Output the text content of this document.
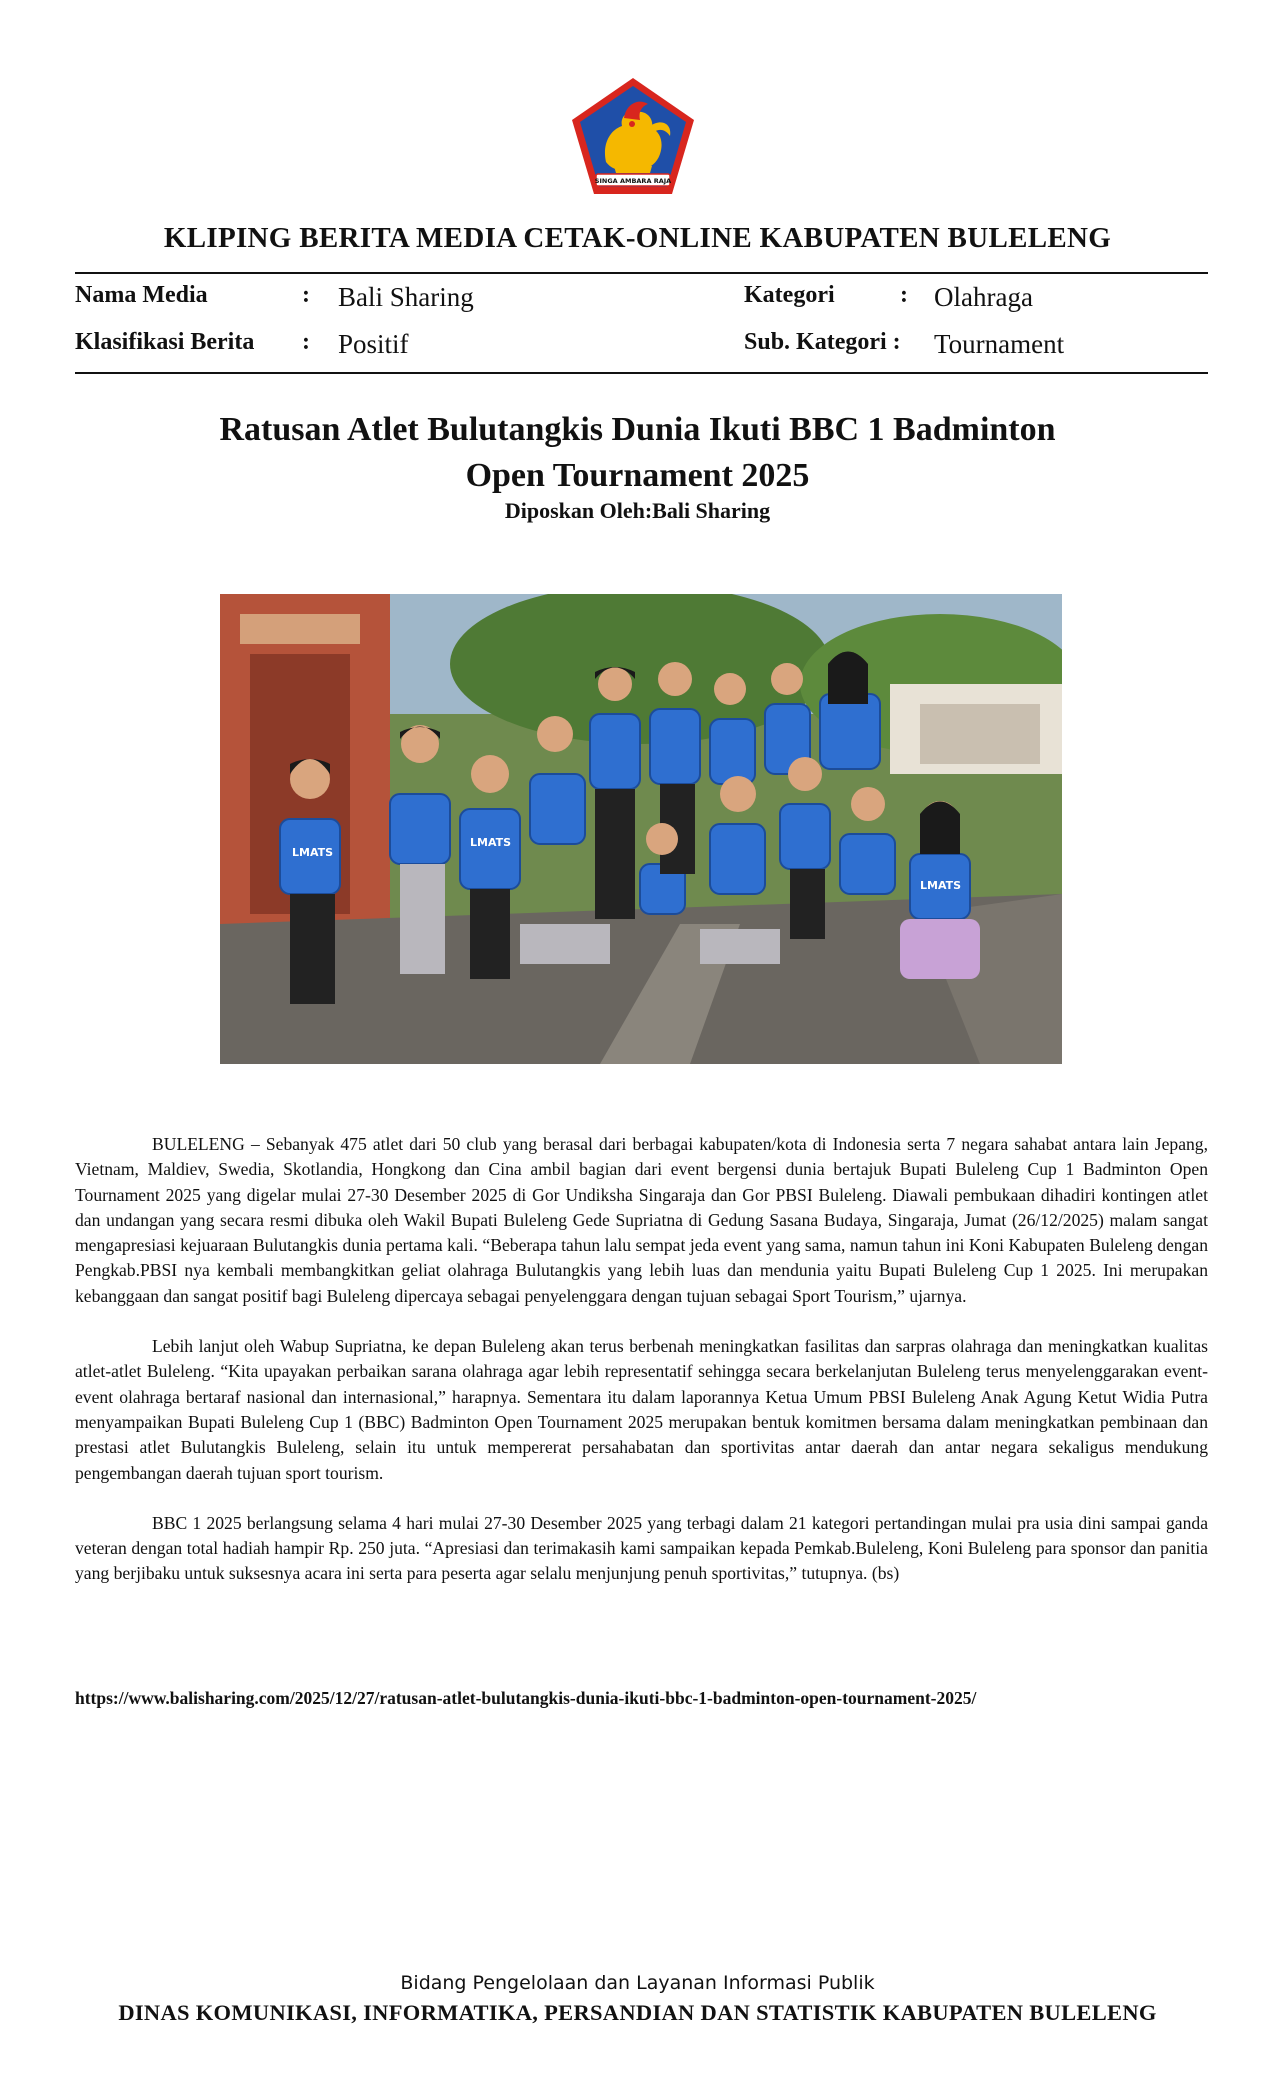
SINGA AMBARA RAJA
KLIPING BERITA MEDIA CETAK-ONLINE KABUPATEN BULELENG
Nama Media	: Bali Sharing	Kategori	: Olahraga
Klasifikasi Berita : Positif	Sub. Kategori : Tournament
Ratusan Atlet Bulutangkis Dunia Ikuti BBC 1 Badminton
Open Tournament 2025
Diposkan Oleh:Bali Sharing
LMATS
LMATS
LMATS

BULELENG – Sebanyak 475 atlet dari 50 club yang berasal dari berbagai kabupaten/kota di Indonesia serta 7 negara sahabat antara lain Jepang, Vietnam, Maldiev, Swedia, Skotlandia, Hongkong dan Cina ambil bagian dari event bergensi dunia bertajuk Bupati Buleleng Cup 1 Badminton Open Tournament 2025 yang digelar mulai 27-30 Desember 2025 di Gor Undiksha Singaraja dan Gor PBSI Buleleng. Diawali pembukaan dihadiri kontingen atlet dan undangan yang secara resmi dibuka oleh Wakil Bupati Buleleng Gede Supriatna di Gedung Sasana Budaya, Singaraja, Jumat (26/12/2025) malam sangat mengapresiasi kejuaraan Bulutangkis dunia pertama kali. “Beberapa tahun lalu sempat jeda event yang sama, namun tahun ini Koni Kabupaten Buleleng dengan Pengkab.PBSI nya kembali membangkitkan geliat olahraga Bulutangkis yang lebih luas dan mendunia yaitu Bupati Buleleng Cup 1 2025. Ini merupakan kebanggaan dan sangat positif bagi Buleleng dipercaya sebagai penyelenggara dengan tujuan sebagai Sport Tourism,” ujarnya.

Lebih lanjut oleh Wabup Supriatna, ke depan Buleleng akan terus berbenah meningkatkan fasilitas dan sarpras olahraga dan meningkatkan kualitas atlet-atlet Buleleng. “Kita upayakan perbaikan sarana olahraga agar lebih representatif sehingga secara berkelanjutan Buleleng terus menyelenggarakan event-event olahraga bertaraf nasional dan internasional,” harapnya. Sementara itu dalam laporannya Ketua Umum PBSI Buleleng Anak Agung Ketut Widia Putra menyampaikan Bupati Buleleng Cup 1 (BBC) Badminton Open Tournament 2025 merupakan bentuk komitmen bersama dalam meningkatkan pembinaan dan prestasi atlet Bulutangkis Buleleng, selain itu untuk mempererat persahabatan dan sportivitas antar daerah dan antar negara sekaligus mendukung pengembangan daerah tujuan sport tourism.

BBC 1 2025 berlangsung selama 4 hari mulai 27-30 Desember 2025 yang terbagi dalam 21 kategori pertandingan mulai pra usia dini sampai ganda veteran dengan total hadiah hampir Rp. 250 juta. “Apresiasi dan terimakasih kami sampaikan kepada Pemkab.Buleleng, Koni Buleleng para sponsor dan panitia yang berjibaku untuk suksesnya acara ini serta para peserta agar selalu menjunjung penuh sportivitas,” tutupnya. (bs)

https://www.balisharing.com/2025/12/27/ratusan-atlet-bulutangkis-dunia-ikuti-bbc-1-badminton-open-tournament-2025/
Bidang Pengelolaan dan Layanan Informasi Publik
DINAS KOMUNIKASI, INFORMATIKA, PERSANDIAN DAN STATISTIK KABUPATEN BULELENG
